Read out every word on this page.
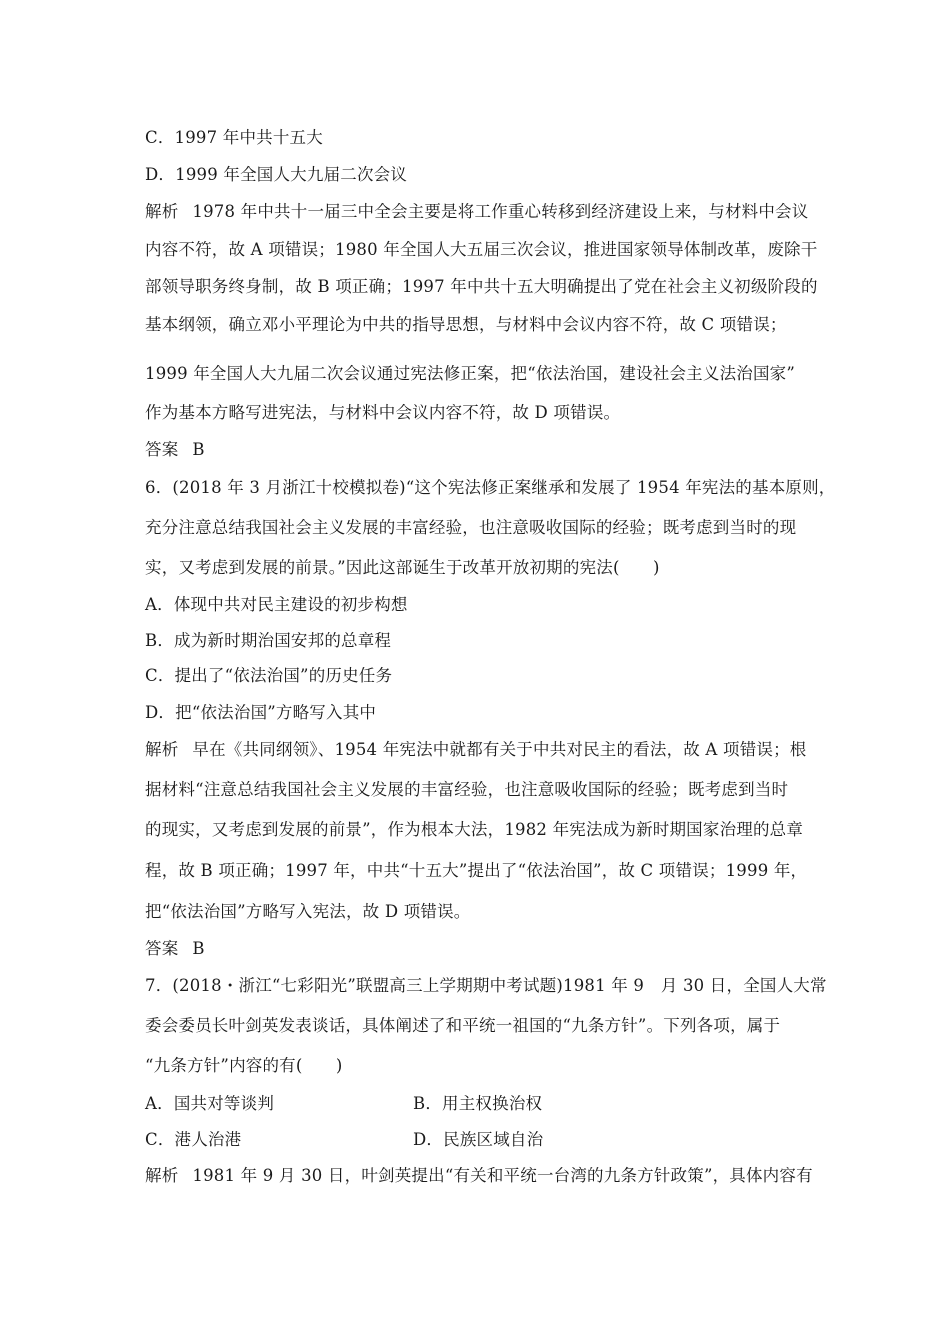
C．1997 年中共十五大
D．1999 年全国人大九届二次会议
解析 1978 年中共十一届三中全会主要是将工作重心转移到经济建设上来，与材料中会议
内容不符，故 A 项错误；1980 年全国人大五届三次会议，推进国家领导体制改革，废除干
部领导职务终身制，故 B 项正确；1997 年中共十五大明确提出了党在社会主义初级阶段的
基本纲领，确立邓小平理论为中共的指导思想，与材料中会议内容不符，故 C 项错误；
1999 年全国人大九届二次会议通过宪法修正案，把“依法治国，建设社会主义法治国家”
作为基本方略写进宪法，与材料中会议内容不符，故 D 项错误。
答案 B
6．(2018 年 3 月浙江十校模拟卷)“这个宪法修正案继承和发展了 1954 年宪法的基本原则，
充分注意总结我国社会主义发展的丰富经验，也注意吸收国际的经验；既考虑到当时的现
实，又考虑到发展的前景。”因此这部诞生于改革开放初期的宪法(　　)
A．体现中共对民主建设的初步构想
B．成为新时期治国安邦的总章程
C．提出了“依法治国”的历史任务
D．把“依法治国”方略写入其中
解析 早在《共同纲领》、1954 年宪法中就都有关于中共对民主的看法，故 A 项错误；根
据材料“注意总结我国社会主义发展的丰富经验，也注意吸收国际的经验；既考虑到当时
的现实，又考虑到发展的前景”，作为根本大法，1982 年宪法成为新时期国家治理的总章
程，故 B 项正确；1997 年，中共“十五大”提出了“依法治国”，故 C 项错误；1999 年，
把“依法治国”方略写入宪法，故 D 项错误。
答案 B
7．(2018・浙江“七彩阳光”联盟高三上学期期中考试题)1981 年 9　月 30 日，全国人大常
委会委员长叶剑英发表谈话，具体阐述了和平统一祖国的“九条方针”。下列各项，属于
“九条方针”内容的有(　　)
A．国共对等谈判	B．用主权换治权
C．港人治港	D．民族区域自治
解析 1981 年 9 月 30 日，叶剑英提出“有关和平统一台湾的九条方针政策”，具体内容有
